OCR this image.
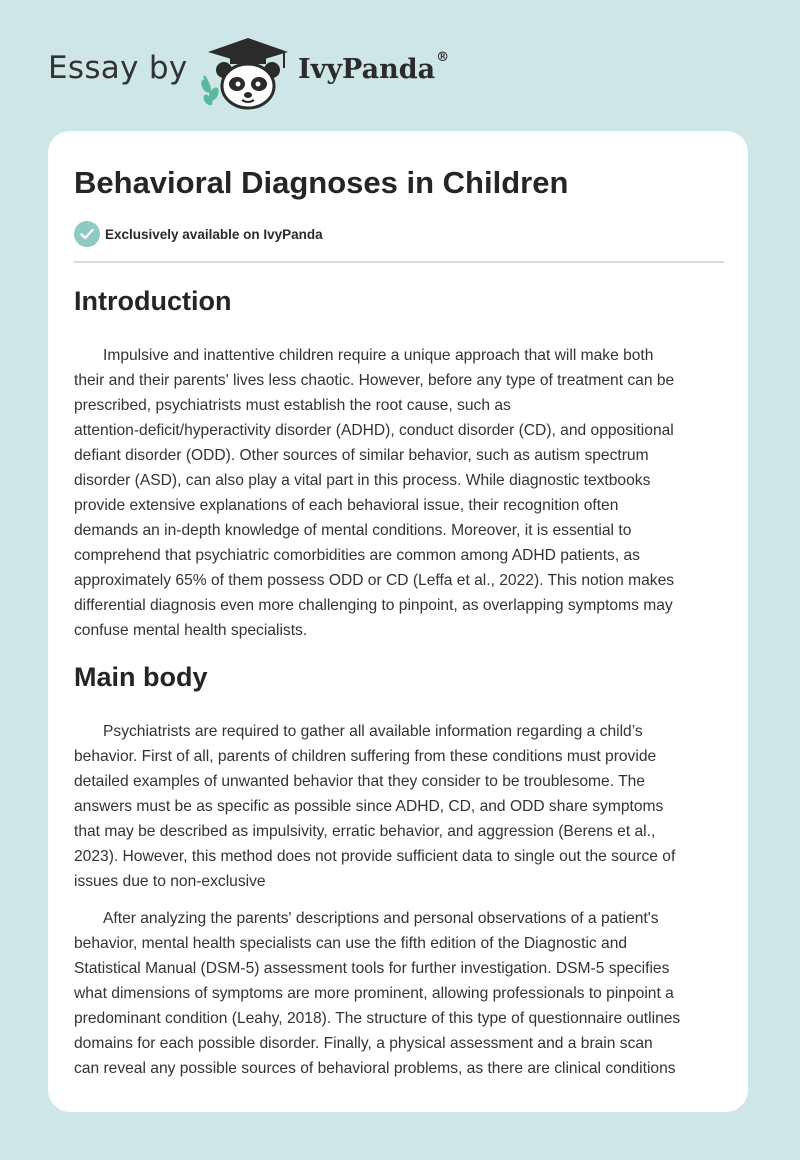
Essay by	IvyPanda®
Behavioral Diagnoses in Children
Exclusively available on IvyPanda
Introduction
Impulsive and inattentive children require a unique approach that will make both
their and their parents' lives less chaotic. However, before any type of treatment can be
prescribed, psychiatrists must establish the root cause, such as
attention-deficit/hyperactivity disorder (ADHD), conduct disorder (CD), and oppositional
defiant disorder (ODD). Other sources of similar behavior, such as autism spectrum
disorder (ASD), can also play a vital part in this process. While diagnostic textbooks
provide extensive explanations of each behavioral issue, their recognition often
demands an in-depth knowledge of mental conditions. Moreover, it is essential to
comprehend that psychiatric comorbidities are common among ADHD patients, as
approximately 65% of them possess ODD or CD (Leffa et al., 2022). This notion makes
differential diagnosis even more challenging to pinpoint, as overlapping symptoms may
confuse mental health specialists.
Main body
Psychiatrists are required to gather all available information regarding a child’s
behavior. First of all, parents of children suffering from these conditions must provide
detailed examples of unwanted behavior that they consider to be troublesome. The
answers must be as specific as possible since ADHD, CD, and ODD share symptoms
that may be described as impulsivity, erratic behavior, and aggression (Berens et al.,
2023). However, this method does not provide sufficient data to single out the source of
issues due to non-exclusive
After analyzing the parents' descriptions and personal observations of a patient's
behavior, mental health specialists can use the fifth edition of the Diagnostic and
Statistical Manual (DSM-5) assessment tools for further investigation. DSM-5 specifies
what dimensions of symptoms are more prominent, allowing professionals to pinpoint a
predominant condition (Leahy, 2018). The structure of this type of questionnaire outlines
domains for each possible disorder. Finally, a physical assessment and a brain scan
can reveal any possible sources of behavioral problems, as there are clinical conditions
